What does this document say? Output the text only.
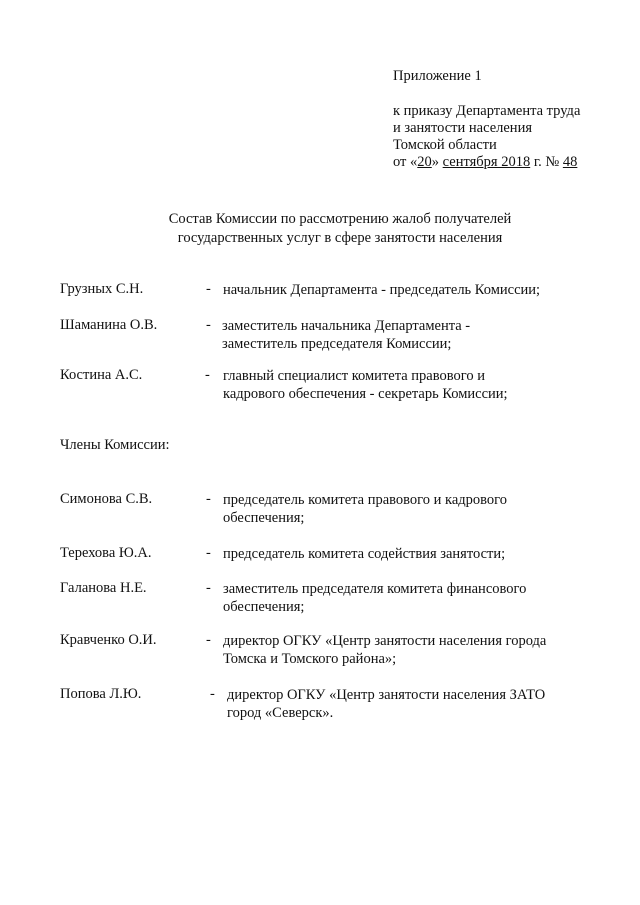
Приложение 1
к приказу Департамента труда
и занятости населения
Томской области
от «20» сентября 2018 г. № 48
Состав Комиссии по рассмотрению жалоб получателей
государственных услуг в сфере занятости населения
Грузных С.Н.	- начальник Департамента - председатель Комиссии;
Шаманина О.В.	- заместитель начальника Департамента - заместитель председателя Комиссии;
Костина А.С.	- главный специалист комитета правового и кадрового обеспечения - секретарь Комиссии;
Члены Комиссии:
Симонова С.В.	- председатель комитета правового и кадрового обеспечения;
Терехова Ю.А.	- председатель комитета содействия занятости;
Галанова Н.Е.	- заместитель председателя комитета финансового обеспечения;
Кравченко О.И.	- директор ОГКУ «Центр занятости населения города Томска и Томского района»;
Попова Л.Ю.	- директор ОГКУ «Центр занятости населения ЗАТО город «Северск».
